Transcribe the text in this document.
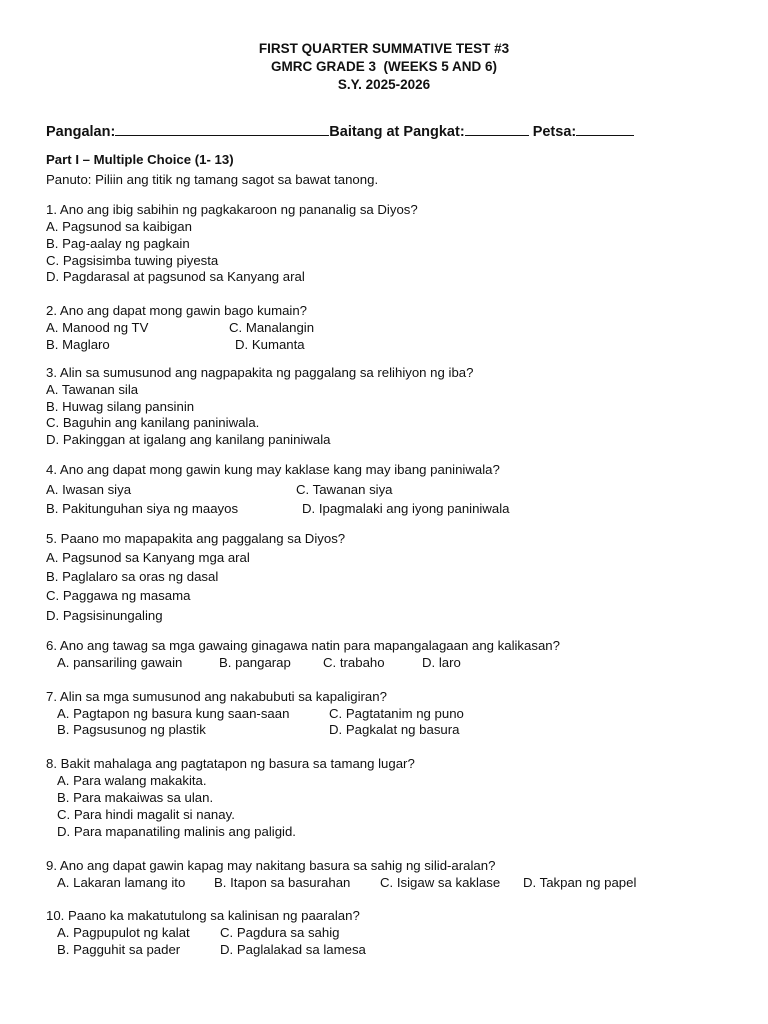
FIRST QUARTER SUMMATIVE TEST #3
GMRC GRADE 3  (WEEKS 5 AND 6)
S.Y. 2025-2026
Pangalan:	Baitang at Pangkat:	Petsa:
Part I – Multiple Choice (1- 13)
Panuto: Piliin ang titik ng tamang sagot sa bawat tanong.
1. Ano ang ibig sabihin ng pagkakaroon ng pananalig sa Diyos?
A. Pagsunod sa kaibigan
B. Pag-aalay ng pagkain
C. Pagsisimba tuwing piyesta
D. Pagdarasal at pagsunod sa Kanyang aral
2. Ano ang dapat mong gawin bago kumain?
A. Manood ng TV	C. Manalangin
B. Maglaro	D. Kumanta
3. Alin sa sumusunod ang nagpapakita ng paggalang sa relihiyon ng iba?
A. Tawanan sila
B. Huwag silang pansinin
C. Baguhin ang kanilang paniniwala.
D. Pakinggan at igalang ang kanilang paniniwala
4. Ano ang dapat mong gawin kung may kaklase kang may ibang paniniwala?
A. Iwasan siya	C. Tawanan siya
B. Pakitunguhan siya ng maayos	D. Ipagmalaki ang iyong paniniwala
5. Paano mo mapapakita ang paggalang sa Diyos?
A. Pagsunod sa Kanyang mga aral
B. Paglalaro sa oras ng dasal
C. Paggawa ng masama
D. Pagsisinungaling
6. Ano ang tawag sa mga gawaing ginagawa natin para mapangalagaan ang kalikasan?
A. pansariling gawain	B. pangarap C. trabaho	D. laro
7. Alin sa mga sumusunod ang nakabubuti sa kapaligiran?
A. Pagtapon ng basura kung saan-saan	C. Pagtatanim ng puno
B. Pagsusunog ng plastik	D. Pagkalat ng basura
8. Bakit mahalaga ang pagtatapon ng basura sa tamang lugar?
A. Para walang makakita.
B. Para makaiwas sa ulan.
C. Para hindi magalit si nanay.
D. Para mapanatiling malinis ang paligid.
9. Ano ang dapat gawin kapag may nakitang basura sa sahig ng silid-aralan?
A. Lakaran lamang ito B. Itapon sa basurahan C. Isigaw sa kaklase D. Takpan ng papel
10. Paano ka makatutulong sa kalinisan ng paaralan?
A. Pagpupulot ng kalat C. Pagdura sa sahig
B. Pagguhit sa pader	D. Paglalakad sa lamesa
